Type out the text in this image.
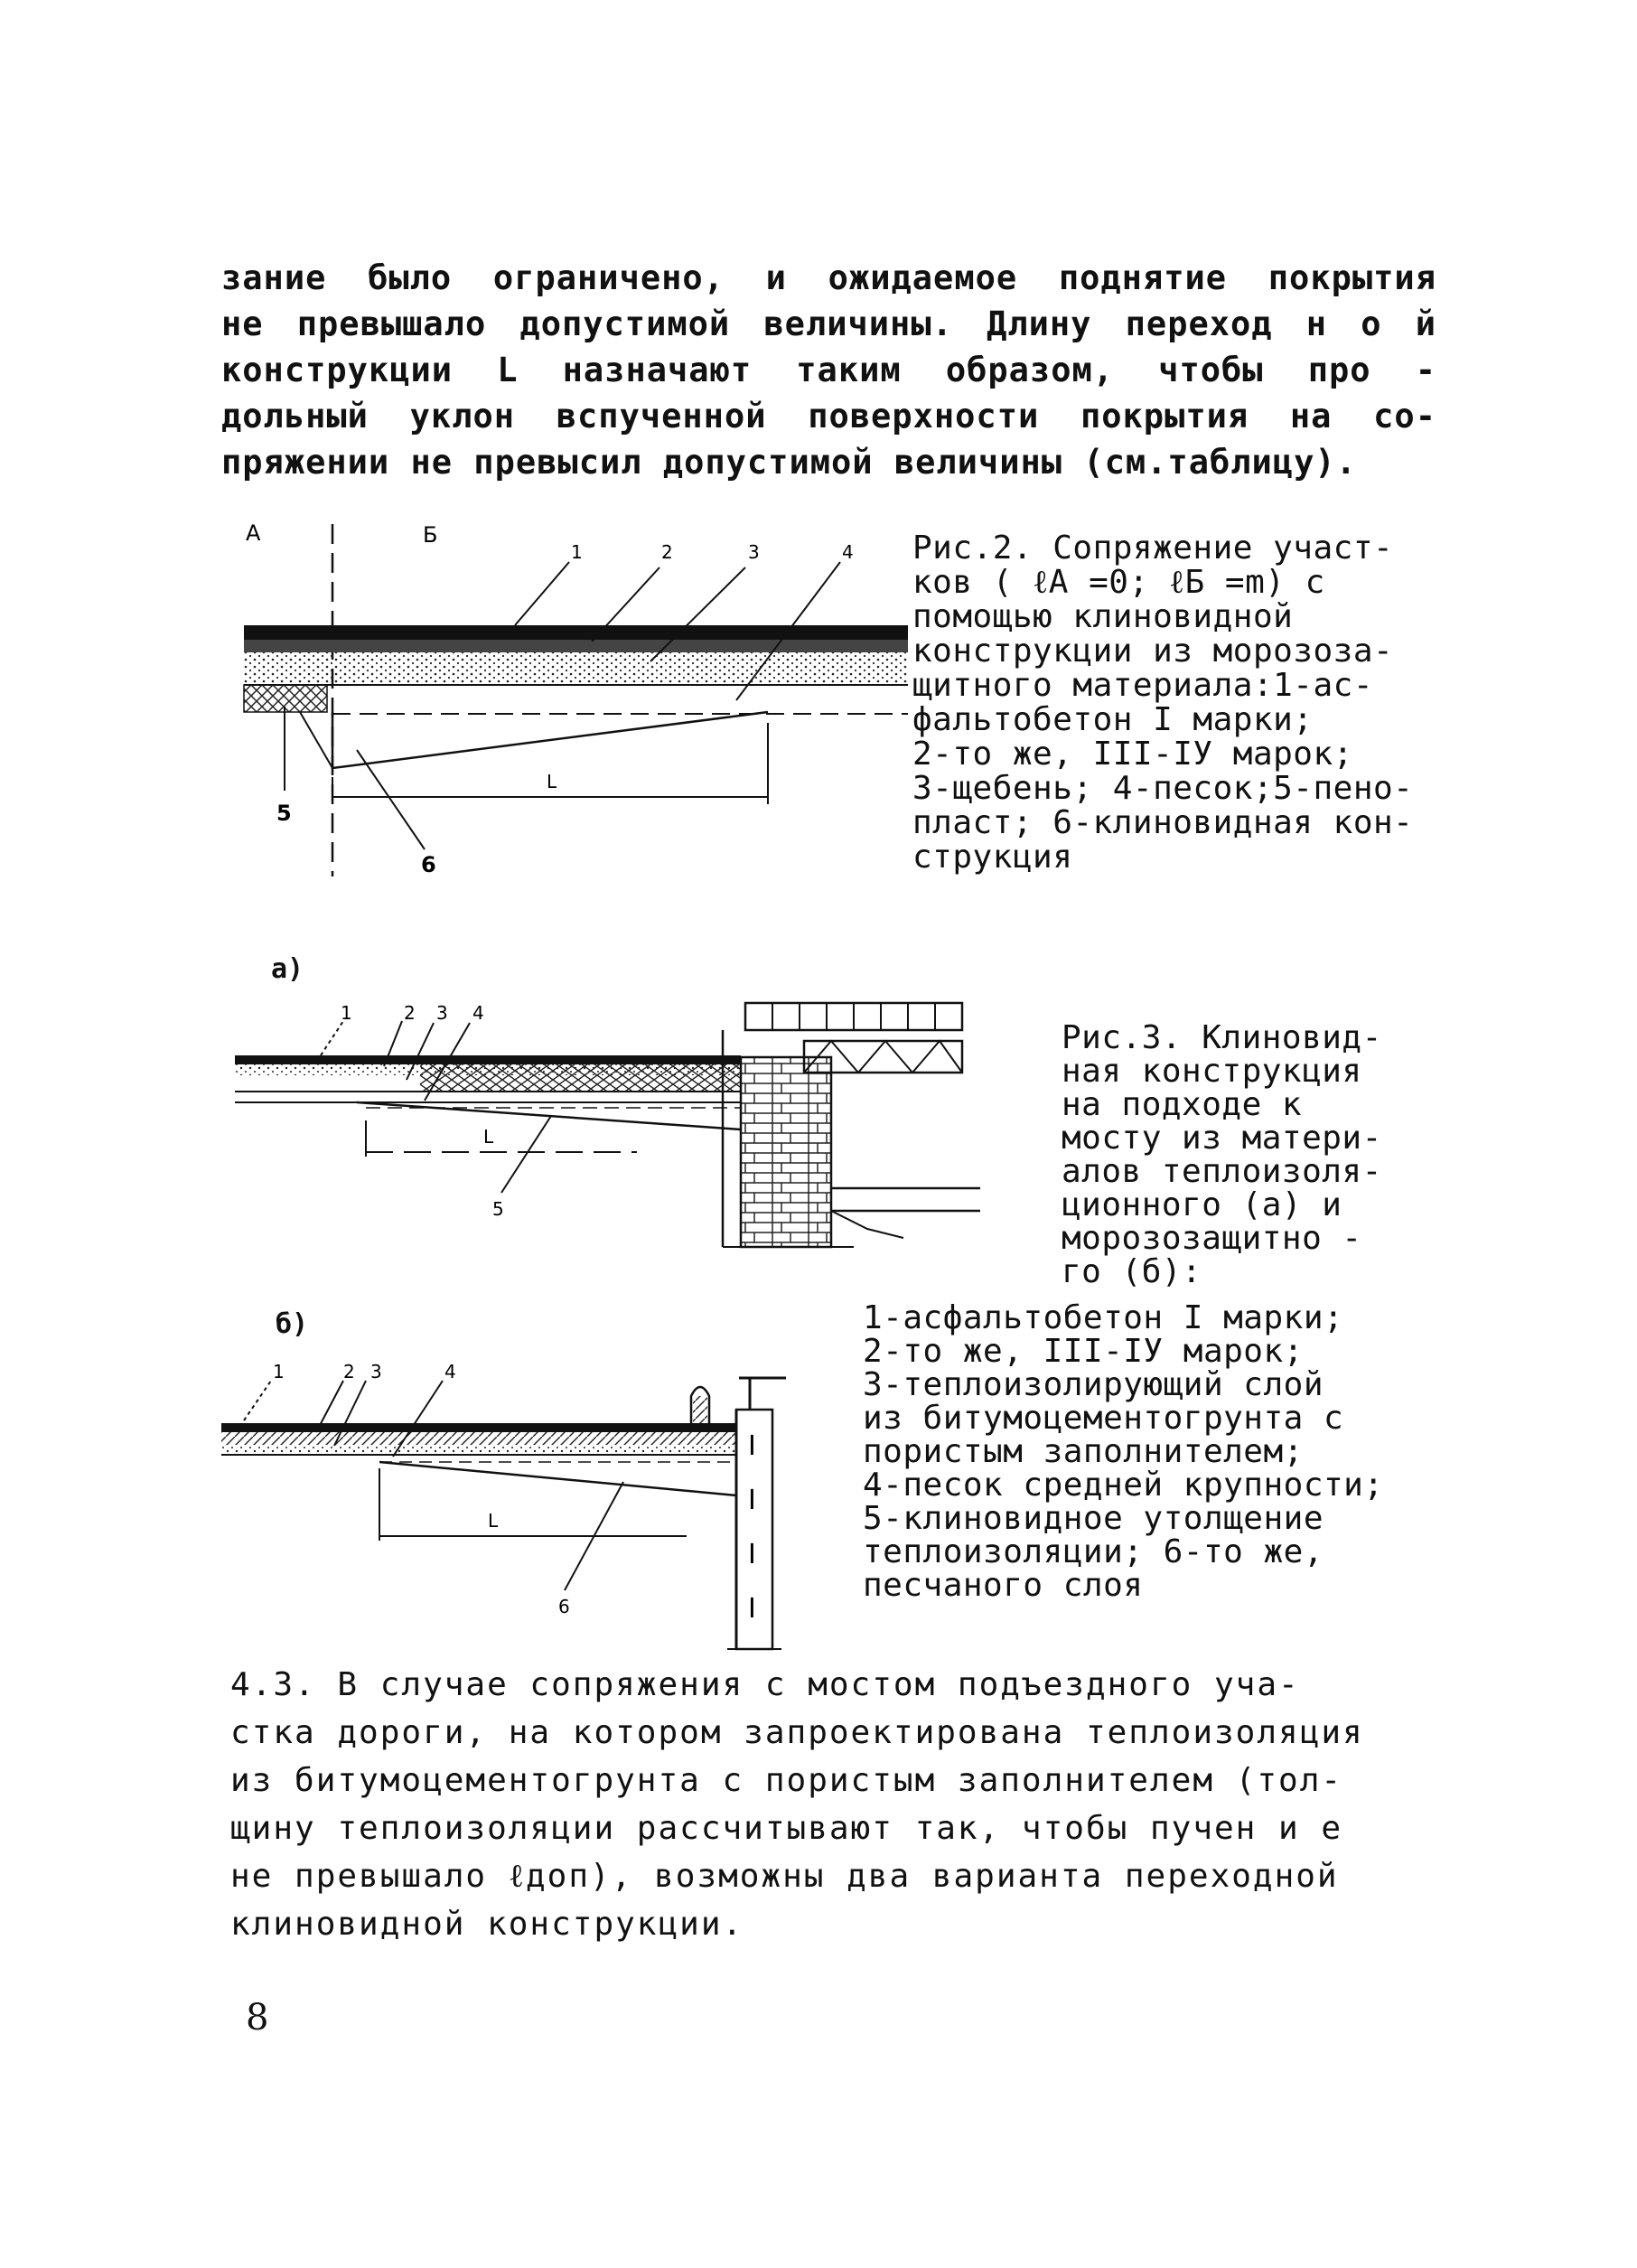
зание было ограничено, и ожидаемое поднятие покрытия
не превышало допустимой величины. Длину переход н о й
конструкции L назначают таким образом, чтобы про -
дольный уклон вспученной поверхности покрытия на со-
пряжении не превысил допустимой величины (см.таблицу).
А	Б
L
1	2	3	4
5
6
Рис.2. Сопряжение участ-
ков ( ℓA =0; ℓБ =m) с
помощью клиновидной
конструкции из морозоза-
щитного материала:1-ас-
фальтобетон I марки;
2-то же, III-IУ марок;
3-щебень; 4-песок;5-пено-
пласт; 6-клиновидная кон-
струкция
а)
L
1	2 3 4
5
Рис.3. Клиновид-
ная конструкция
на подходе к
мосту из матери-
алов теплоизоля-
ционного (а) и
морозозащитно -
го (б):
б)
I
I
I
I
L
1	2 3	4
6
1-асфальтобетон I марки;
2-то же, III-IУ марок;
3-теплоизолирующий слой
из битумоцементогрунта с
пористым заполнителем;
4-песок средней крупности;
5-клиновидное утолщение
теплоизоляции; 6-то же,
песчаного слоя
4.3. В случае сопряжения с мостом подъездного уча-
стка дороги, на котором запроектирована теплоизоляция
из битумоцементогрунта с пористым заполнителем (тол-
щину теплоизоляции рассчитывают так, чтобы пучен и е
не превышало ℓдоп), возможны два варианта переходной
клиновидной конструкции.
8
